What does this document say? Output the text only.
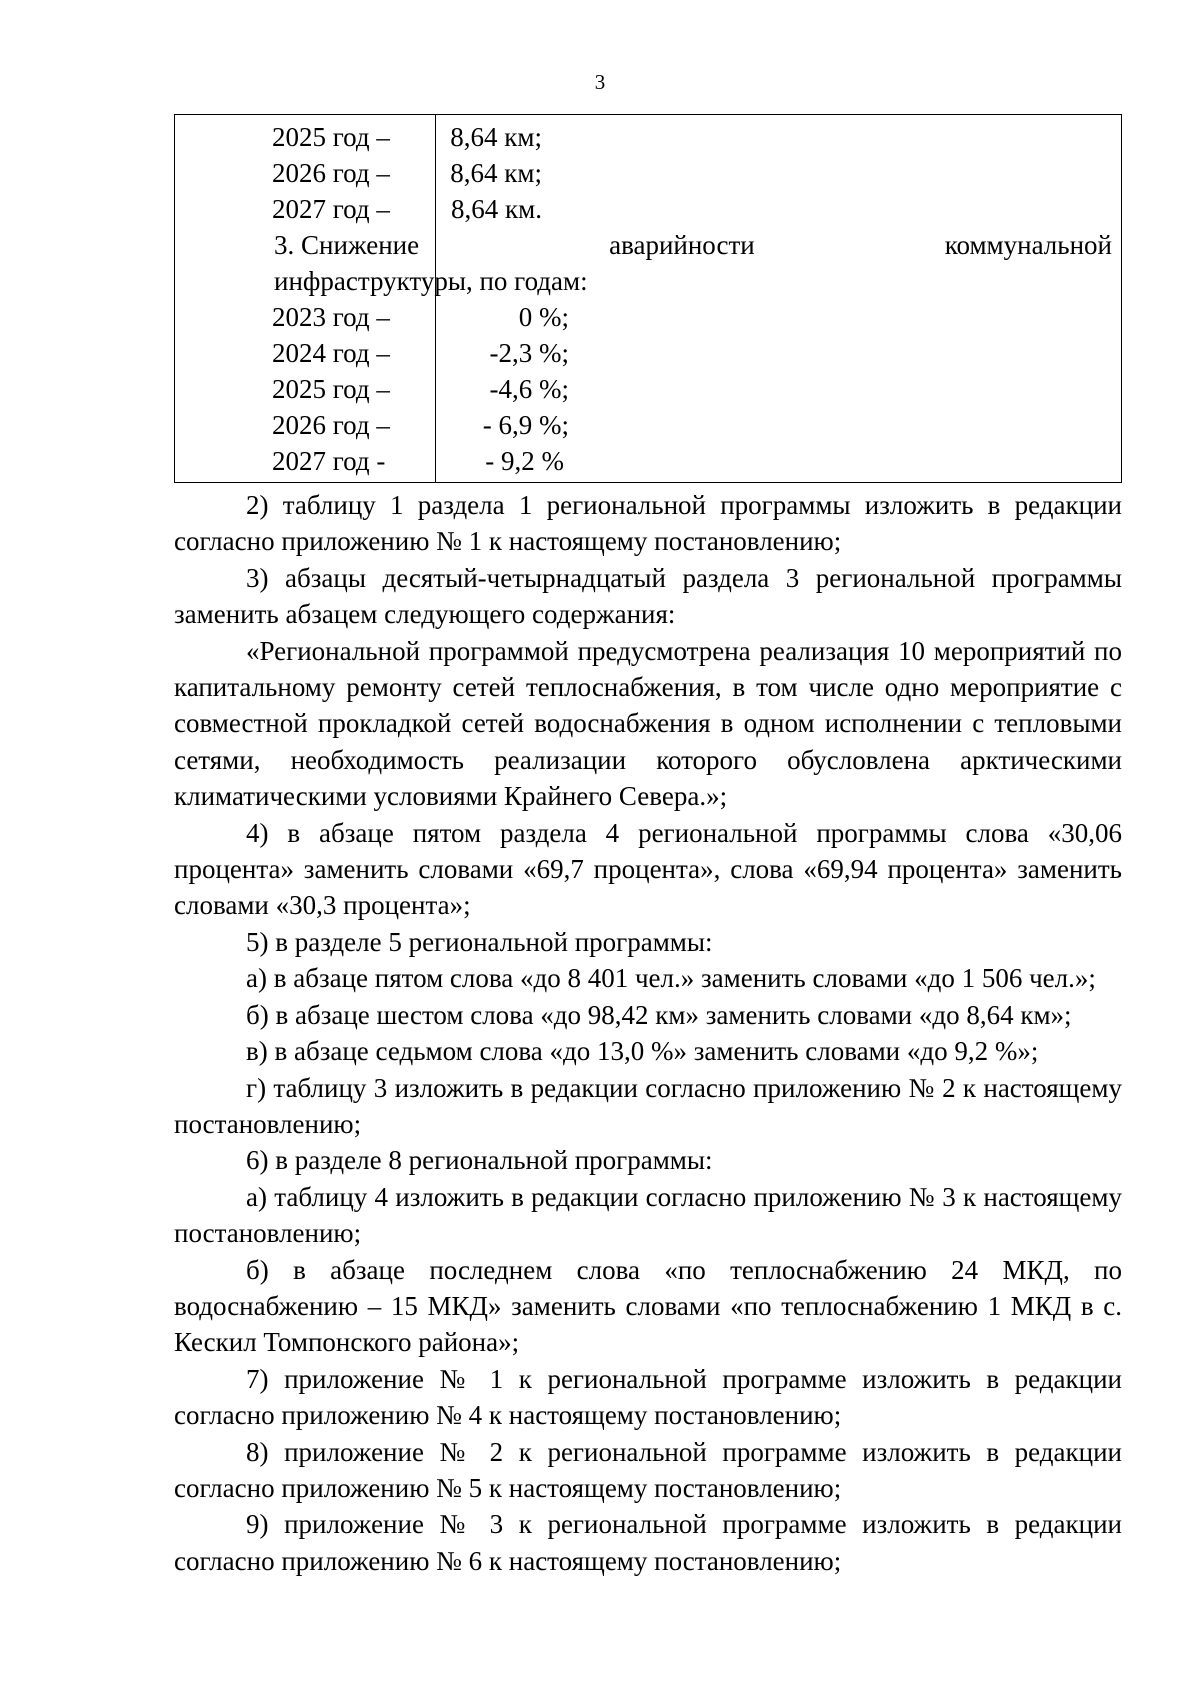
3
2025 год –	8,64 км;
2026 год –	8,64 км;
2027 год –	8,64 км.
3. Снижение	аварийности	коммунальной
инфраструктуры, по годам:
2023 год –	0 %;
2024 год –	-2,3 %;
2025 год –	-4,6 %;
2026 год –	- 6,9 %;
2027 год -	- 9,2 %

2) таблицу 1 раздела 1 региональной программы изложить в редакции согласно приложению № 1 к настоящему постановлению;

3) абзацы десятый-четырнадцатый раздела 3 региональной программы заменить абзацем следующего содержания:

«Региональной программой предусмотрена реализация 10 мероприятий по капитальному ремонту сетей теплоснабжения, в том числе одно мероприятие с совместной прокладкой сетей водоснабжения в одном исполнении с тепловыми сетями, необходимость реализации которого обусловлена арктическими климатическими условиями Крайнего Севера.»;

4) в абзаце пятом раздела 4 региональной программы слова «30,06 процента» заменить словами «69,7 процента», слова «69,94 процента» заменить словами «30,3 процента»;

5) в разделе 5 региональной программы:

а) в абзаце пятом слова «до 8 401 чел.» заменить словами «до 1 506 чел.»;

б) в абзаце шестом слова «до 98,42 км» заменить словами «до 8,64 км»;

в) в абзаце седьмом слова «до 13,0 %» заменить словами «до 9,2 %»;

г) таблицу 3 изложить в редакции согласно приложению № 2 к настоящему постановлению;

6) в разделе 8 региональной программы:

а) таблицу 4 изложить в редакции согласно приложению № 3 к настоящему постановлению;

б) в абзаце последнем слова «по теплоснабжению 24 МКД, по водоснабжению – 15 МКД» заменить словами «по теплоснабжению 1 МКД в с. Кескил Томпонского района»;

7) приложение № 1 к региональной программе изложить в редакции согласно приложению № 4 к настоящему постановлению;

8) приложение № 2 к региональной программе изложить в редакции согласно приложению № 5 к настоящему постановлению;

9) приложение № 3 к региональной программе изложить в редакции согласно приложению № 6 к настоящему постановлению;
